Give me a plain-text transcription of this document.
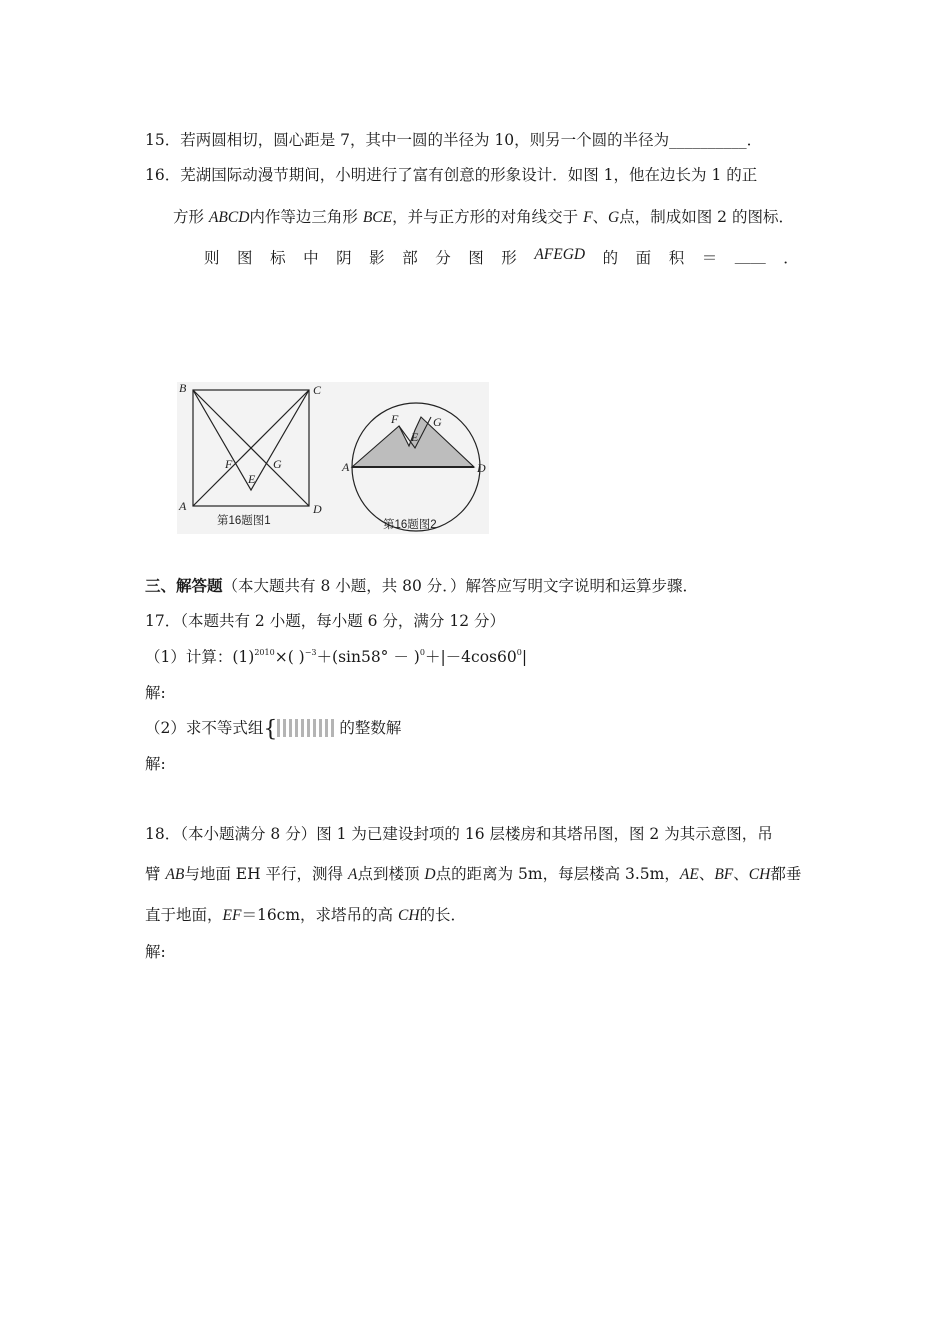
15．若两圆相切，圆心距是 7，其中一圆的半径为 10，则另一个圆的半径为__________．
16．芜湖国际动漫节期间，小明进行了富有创意的形象设计．如图 1，他在边长为 1 的正
方形 ABCD内作等边三角形 BCE，并与正方形的对角线交于 F、G点，制成如图 2 的图标．
则 图 标 中 阴 影 部 分 图 形 AFEGD 的 面 积 ＝ ____ ．
B	C
A	D
F	G
E
第16题图1
A	D
F
E
G
第16题图2
三、解答题（本大题共有 8 小题，共 80 分．）解答应写明文字说明和运算步骤．
17．（本题共有 2 小题，每小题 6 分，满分 12 分）
（1）计算：$(1)^{2010}\times$( )$^{-3}+(\sin 58^\circ - )^0+|-4\cos 60^0|$
解:
（2）求不等式组{	的整数解
解:
18．（本小题满分 8 分）图 1 为已建设封项的 16 层楼房和其塔吊图，图 2 为其示意图，吊
臂 AB与地面 EH 平行，测得 A点到楼顶 D点的距离为 5m，每层楼高 3.5m，AE、BF、CH都垂
直于地面，EF＝16cm，求塔吊的高 CH的长．
解:
